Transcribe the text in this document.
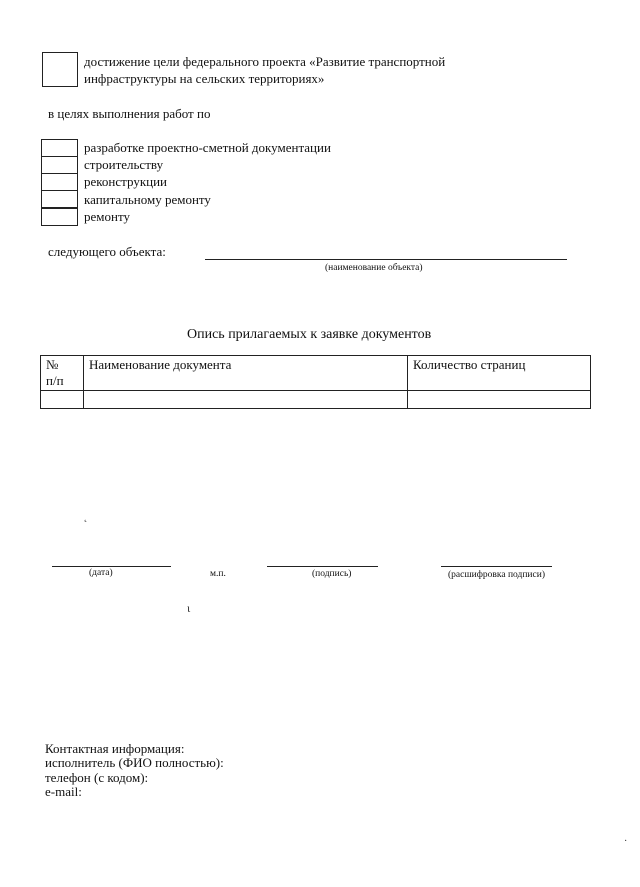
достижение цели федерального проекта «Развитие транспортной
инфраструктуры на сельских территориях»
в целях выполнения работ по
разработке проектно-сметной документации
строительству
реконструкции
капитальному ремонту
ремонту
следующего объекта:
(наименование объекта)
Опись прилагаемых к заявке документов
№
п/п	Наименование документа	Количество страниц

˛
ɩ
·
(дата)	м.п.	(подпись)	(расшифровка подписи)
Контактная информация:
исполнитель (ФИО полностью):
телефон (с кодом):
e-mail:
